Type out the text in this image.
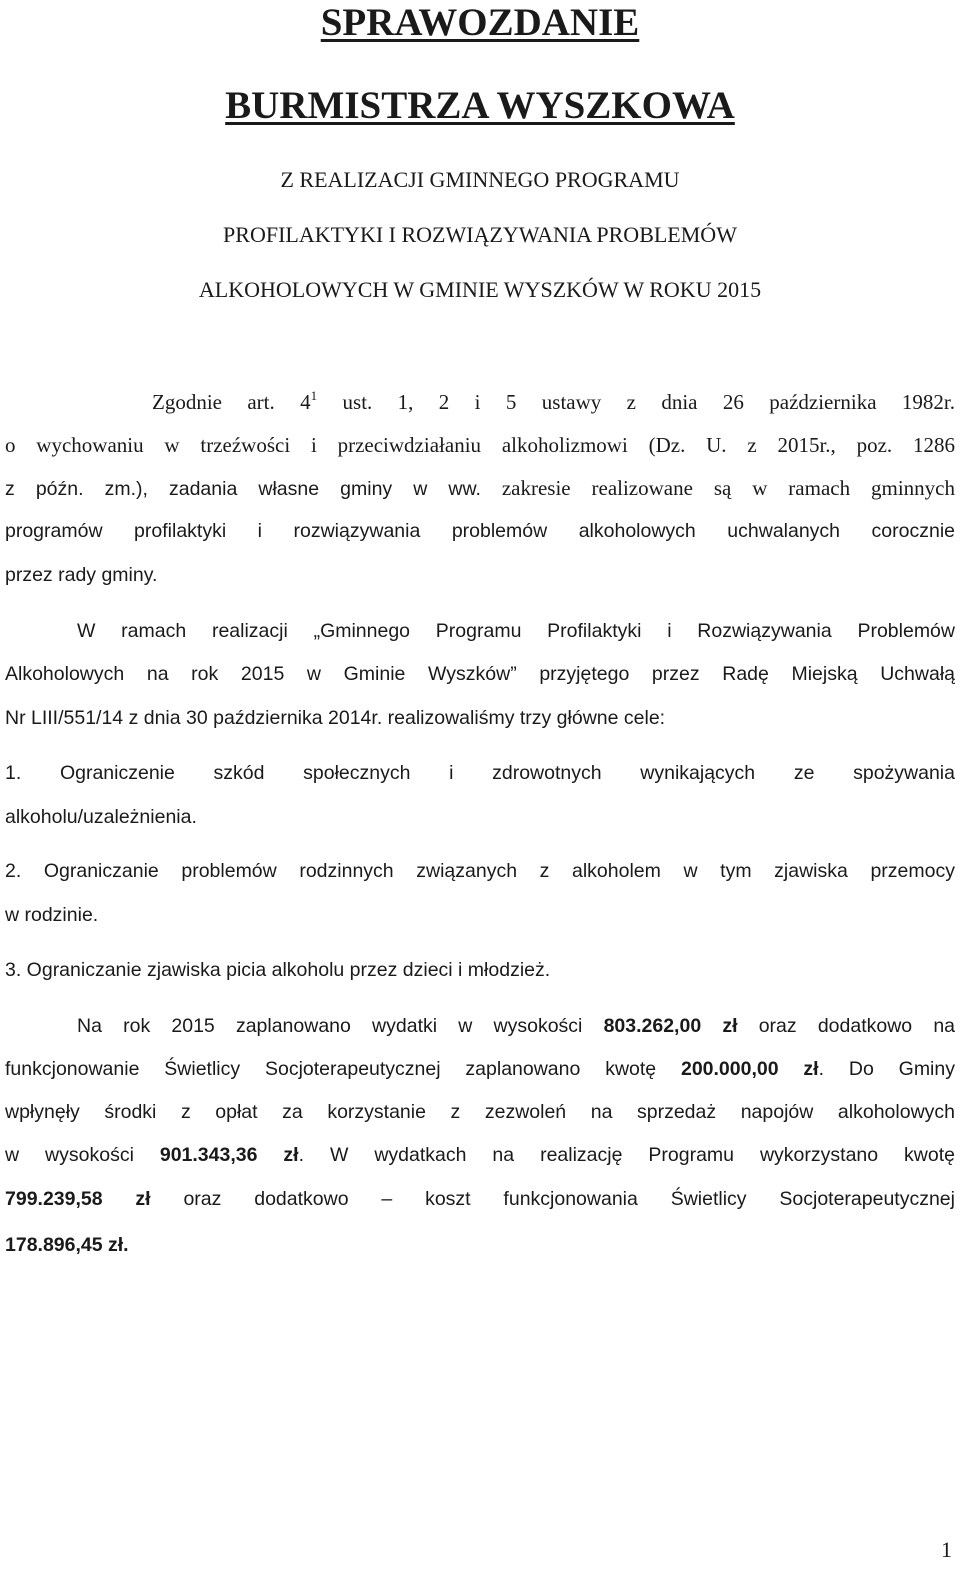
SPRAWOZDANIE
BURMISTRZA WYSZKOWA

Z REALIZACJI GMINNEGO PROGRAMU

PROFILAKTYKI I ROZWIĄZYWANIA PROBLEMÓW

ALKOHOLOWYCH W GMINIE WYSZKÓW W ROKU 2015

Zgodnie art. $4^1$ ust. 1, 2 i 5 ustawy z dnia 26 października 1982r.

o wychowaniu w trzeźwości i przeciwdziałaniu alkoholizmowi (Dz. U. z 2015r., poz. 1286

z późn. zm.), zadania własne gminy w ww. zakresie realizowane są w ramach gminnych

programów profilaktyki i rozwiązywania problemów alkoholowych uchwalanych corocznie

przez rady gminy.

W ramach realizacji „Gminnego Programu Profilaktyki i Rozwiązywania Problemów

Alkoholowych na rok 2015 w Gminie Wyszków” przyjętego przez Radę Miejską Uchwałą

Nr LIII/551/14 z dnia 30 października 2014r. realizowaliśmy trzy główne cele:

1. Ograniczenie szkód społecznych i zdrowotnych wynikających ze spożywania

alkoholu/uzależnienia.

2. Ograniczanie problemów rodzinnych związanych z alkoholem w tym zjawiska przemocy

w rodzinie.

3. Ograniczanie zjawiska picia alkoholu przez dzieci i młodzież.

Na rok 2015 zaplanowano wydatki w wysokości 803.262,00 zł oraz dodatkowo na

funkcjonowanie Świetlicy Socjoterapeutycznej zaplanowano kwotę 200.000,00 zł. Do Gminy

wpłynęły środki z opłat za korzystanie z zezwoleń na sprzedaż napojów alkoholowych

w wysokości 901.343,36 zł. W wydatkach na realizację Programu wykorzystano kwotę

799.239,58 zł oraz dodatkowo – koszt funkcjonowania Świetlicy Socjoterapeutycznej

178.896,45 zł.

1
